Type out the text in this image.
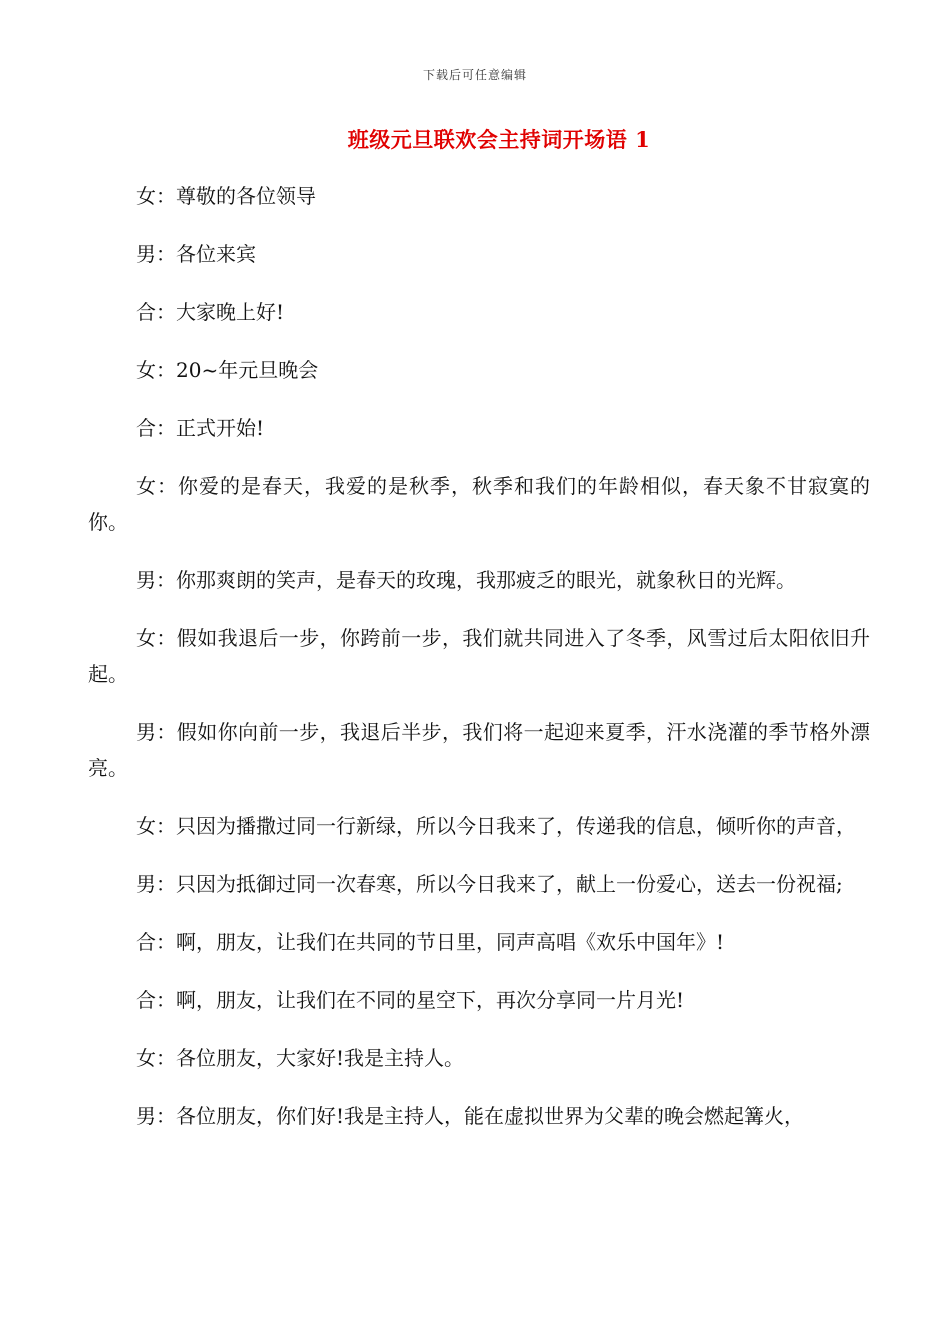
下载后可任意编辑
班级元旦联欢会主持词开场语 1

女：尊敬的各位领导

男：各位来宾

合：大家晚上好!

女：20~年元旦晚会

合：正式开始!

女：你爱的是春天，我爱的是秋季，秋季和我们的年龄相似，春天象不甘寂寞的你。

男：你那爽朗的笑声，是春天的玫瑰，我那疲乏的眼光，就象秋日的光辉。

女：假如我退后一步，你跨前一步，我们就共同进入了冬季，风雪过后太阳依旧升起。

男：假如你向前一步，我退后半步，我们将一起迎来夏季，汗水浇灌的季节格外漂亮。

女：只因为播撒过同一行新绿，所以今日我来了，传递我的信息，倾听你的声音，

男：只因为抵御过同一次春寒，所以今日我来了，献上一份爱心，送去一份祝福;

合：啊，朋友，让我们在共同的节日里，同声高唱《欢乐中国年》!

合：啊，朋友，让我们在不同的星空下，再次分享同一片月光!

女：各位朋友，大家好!我是主持人。

男：各位朋友，你们好!我是主持人，能在虚拟世界为父辈的晚会燃起篝火，
